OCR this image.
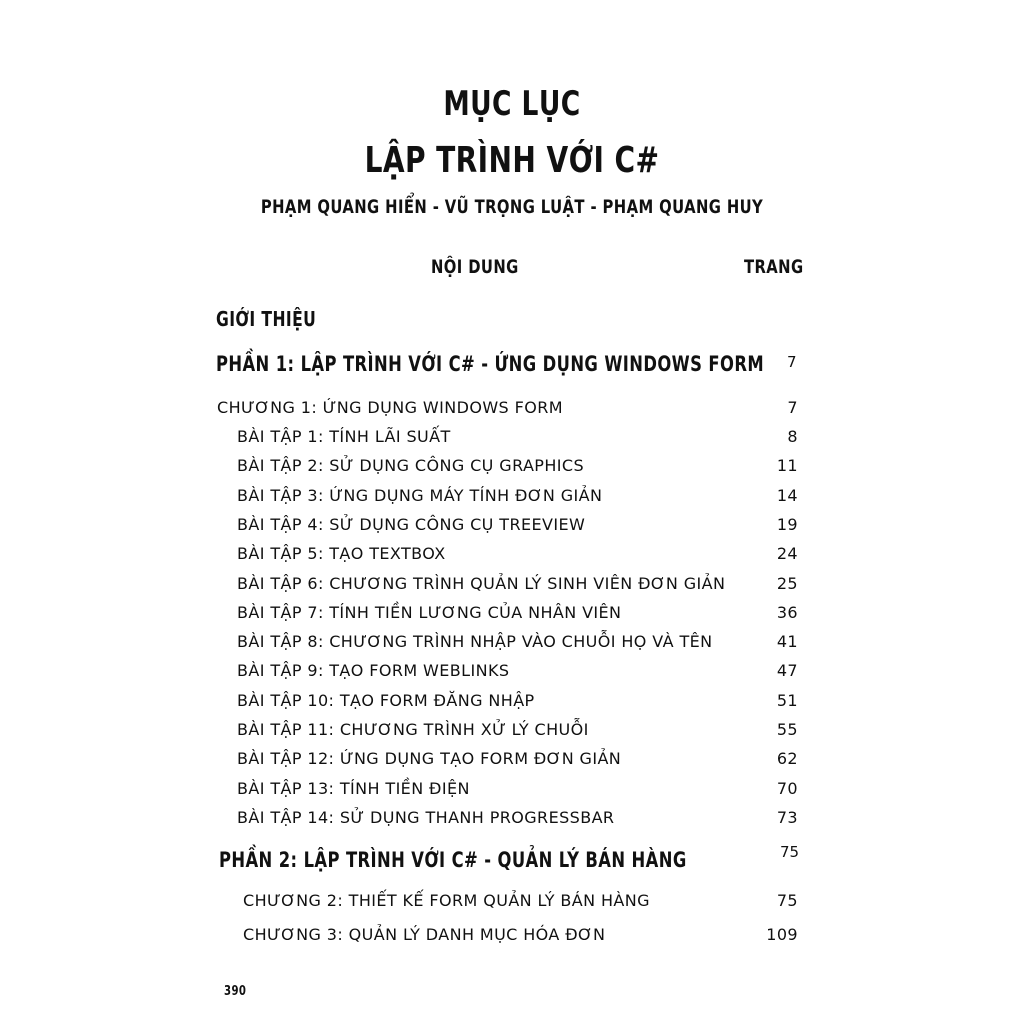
MỤC LỤC
LẬP TRÌNH VỚI C#
PHẠM QUANG HIỂN - VŨ TRỌNG LUẬT - PHẠM QUANG HUY
NỘI DUNG	TRANG
GIỚI THIỆU
PHẦN 1: LẬP TRÌNH VỚI C# - ỨNG DỤNG WINDOWS FORM	7
CHƯƠNG 1: ỨNG DỤNG WINDOWS FORM	7
BÀI TẬP 1: TÍNH LÃI SUẤT	8
BÀI TẬP 2: SỬ DỤNG CÔNG CỤ GRAPHICS	11
BÀI TẬP 3: ỨNG DỤNG MÁY TÍNH ĐƠN GIẢN	14
BÀI TẬP 4: SỬ DỤNG CÔNG CỤ TREEVIEW	19
BÀI TẬP 5: TẠO TEXTBOX	24
BÀI TẬP 6: CHƯƠNG TRÌNH QUẢN LÝ SINH VIÊN ĐƠN GIẢN	25
BÀI TẬP 7: TÍNH TIỀN LƯƠNG CỦA NHÂN VIÊN	36
BÀI TẬP 8: CHƯƠNG TRÌNH NHẬP VÀO CHUỖI HỌ VÀ TÊN	41
BÀI TẬP 9: TẠO FORM WEBLINKS	47
BÀI TẬP 10: TẠO FORM ĐĂNG NHẬP	51
BÀI TẬP 11: CHƯƠNG TRÌNH XỬ LÝ CHUỖI	55
BÀI TẬP 12: ỨNG DỤNG TẠO FORM ĐƠN GIẢN	62
BÀI TẬP 13: TÍNH TIỀN ĐIỆN	70
BÀI TẬP 14: SỬ DỤNG THANH PROGRESSBAR	73
PHẦN 2: LẬP TRÌNH VỚI C# - QUẢN LÝ BÁN HÀNG	75
CHƯƠNG 2: THIẾT KẾ FORM QUẢN LÝ BÁN HÀNG	75
CHƯƠNG 3: QUẢN LÝ DANH MỤC HÓA ĐƠN	109
390
